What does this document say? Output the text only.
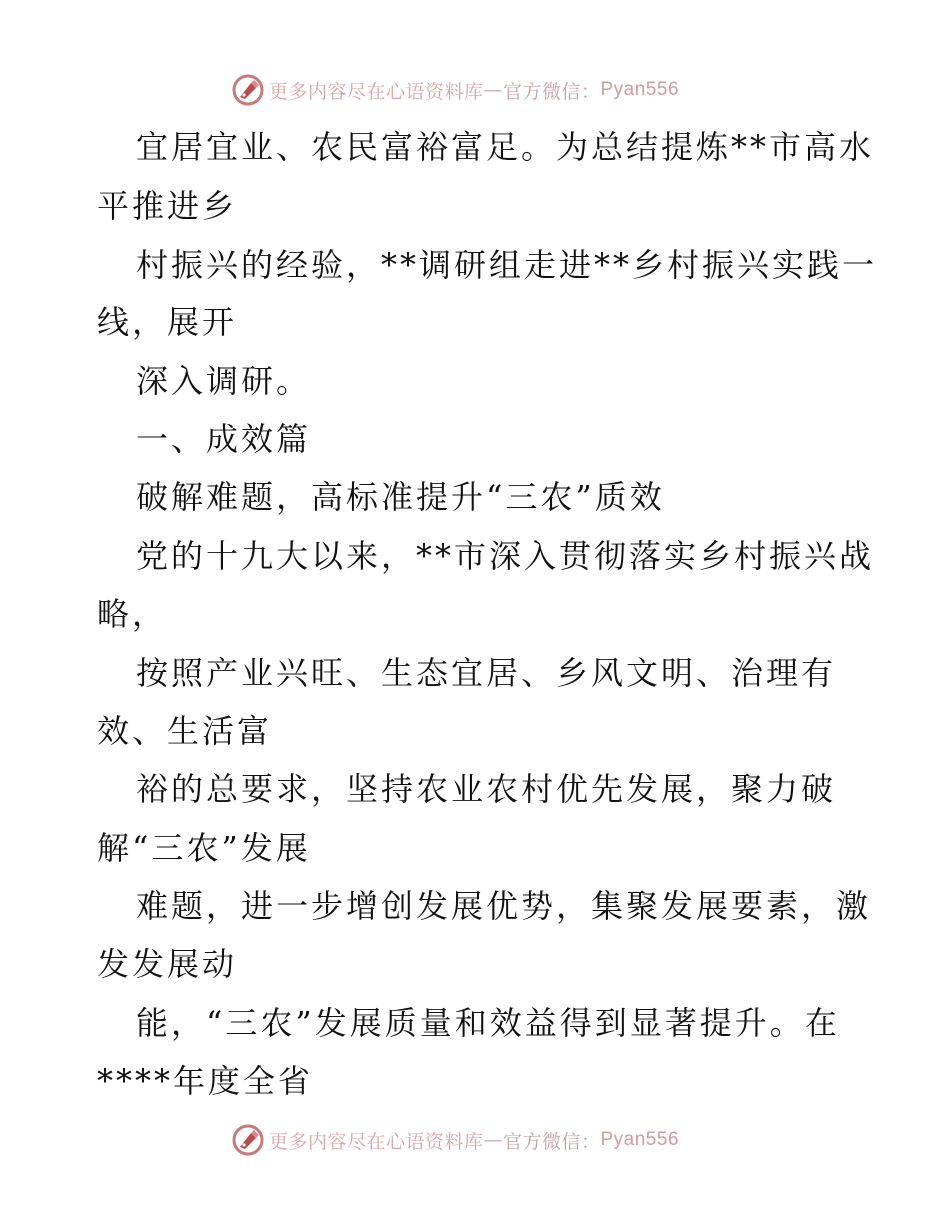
更多内容尽在心语资料库 — 官方微信： Pyan556
宜居宜业、农民富裕富足。为总结提炼**市高水
平推进乡
村振兴的经验，**调研组走进**乡村振兴实践一
线，展开
深入调研。
一、成效篇
破解难题，高标准提升“三农”质效
党的十九大以来，**市深入贯彻落实乡村振兴战
略，
按照产业兴旺、生态宜居、乡风文明、治理有
效、生活富
裕的总要求，坚持农业农村优先发展，聚力破
解“三农”发展
难题，进一步增创发展优势，集聚发展要素，激
发发展动
能，“三农”发展质量和效益得到显著提升。在
****年度全省
更多内容尽在心语资料库 — 官方微信： Pyan556
